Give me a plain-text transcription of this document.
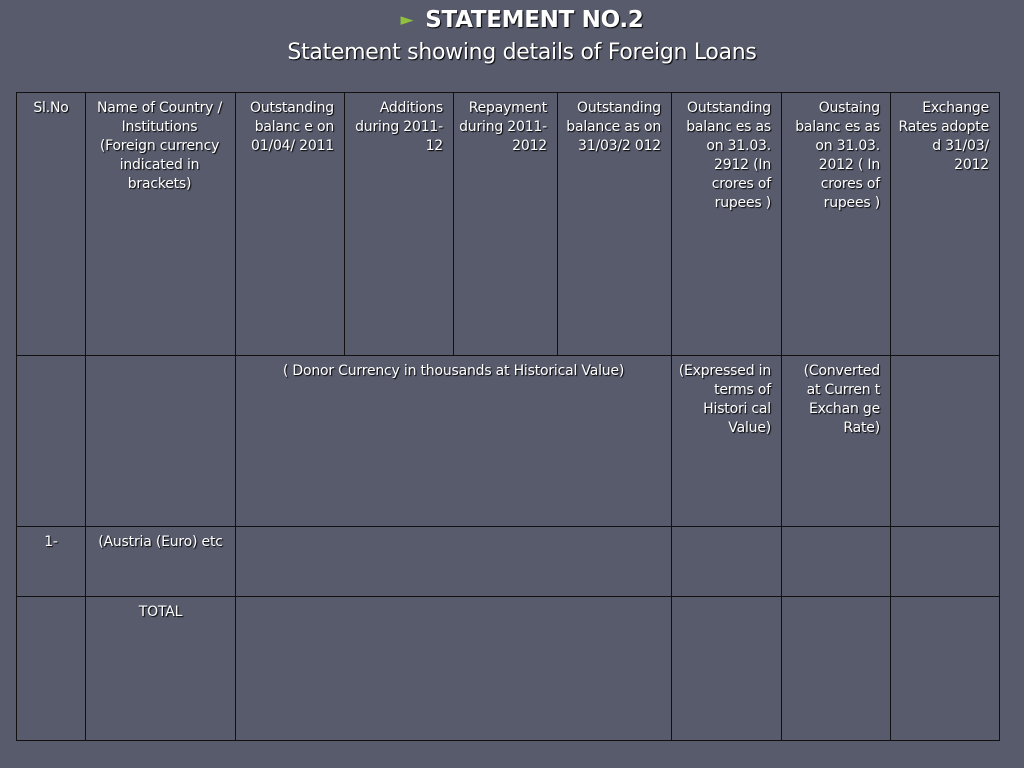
► STATEMENT NO.2
Statement showing details of Foreign Loans
Sl.No	Name of Country / Institutions (Foreign currency indicated in brackets)	Outstanding balanc e on 01/04/ 2011	Additions during 2011- 12	Repayment during 2011- 2012	Outstanding balance as on 31/03/2 012	Outstanding balanc es as on 31.03. 2912 (In crores of rupees )	Oustaing balanc es as on 31.03. 2012 ( In crores of rupees )	Exchange Rates adopte d 31/03/ 2012
		( Donor Currency in thousands at Historical Value)				(Expressed in terms of Histori cal Value)	(Converted at Curren t Exchan ge Rate)	
1-	(Austria (Euro) etc							
	TOTAL							
